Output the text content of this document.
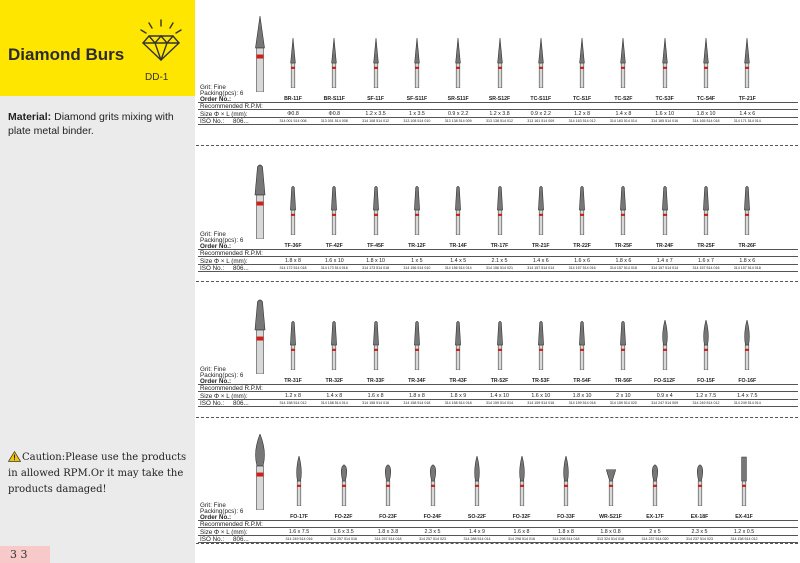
Diamond Burs
DD-1
Material: Diamond grits mixing with plate metal binder.
Caution:Please use the products in allowed RPM.Or it may take the products damaged!
3 3
Grit: Fine
Packing(pcs): 6
Order No.:
Recommended R.P.M:
Size Φ × L (mm):
ISO No.: 806...
BR-11F
Φ0.8
314 001 514 008
BR-S11F
Φ0.8
313 001 514 008
SF-11F
1.2 x 3.5
314 108 514 012
SF-S11F
1 x 3.5
313 108 514 010
SR-S11F
0.9 x 2.2
313 138 514 009
SR-S12F
1.2 x 3.8
313 138 514 012
TC-S11F
0.9 x 2.2
313 161 514 009
TC-S1F
1.2 x 8
314 163 514 012
TC-S2F
1.4 x 8
314 163 514 014
TC-S3F
1.6 x 10
314 165 514 016
TC-S4F
1.8 x 10
314 165 514 018
TF-21F
1.4 x 6
314 171 514 014
Grit: Fine
Packing(pcs): 6
Order No.:
Recommended R.P.M:
Size Φ × L (mm):
ISO No.: 806...
TF-36F
1.8 x 8
314 172 514 018
TF-42F
1.6 x 10
314 173 514 016
TF-45F
1.8 x 10
314 173 514 018
TR-12F
1 x 5
314 156 514 010
TR-14F
1.4 x 5
314 156 514 014
TR-17F
2.1 x 5
314 156 514 021
TR-21F
1.4 x 6
314 157 514 014
TR-22F
1.6 x 6
314 157 514 016
TR-25F
1.8 x 6
314 157 514 018
TR-24F
1.4 x 7
314 157 514 014
TR-25F
1.6 x 7
314 157 514 016
TR-26F
1.8 x 6
314 157 514 018
Grit: Fine
Packing(pcs): 6
Order No.:
Recommended R.P.M:
Size Φ × L (mm):
ISO No.: 806...
TR-31F
1.2 x 8
314 158 514 012
TR-32F
1.4 x 8
314 158 514 014
TR-33F
1.6 x 8
314 158 514 016
TR-34F
1.8 x 8
314 158 514 018
TR-43F
1.8 x 9
314 158 514 018
TR-52F
1.4 x 10
314 159 514 014
TR-53F
1.6 x 10
314 159 514 016
TR-54F
1.8 x 10
314 159 514 018
TR-56F
2 x 10
314 159 514 020
FO-S12F
0.9 x 4
314 247 514 009
FO-15F
1.2 x 7.5
314 249 514 012
FO-16F
1.4 x 7.5
314 249 514 014
Grit: Fine
Packing(pcs): 6
Order No.:
Recommended R.P.M:
Size Φ × L (mm):
ISO No.: 806...
FO-17F
1.6 x 7.5
314 249 514 016
FO-22F
1.6 x 3.5
314 257 514 016
FO-23F
1.8 x 3.8
314 257 514 018
FO-24F
2.3 x 5
314 257 514 023
SO-22F
1.4 x 9
314 288 514 014
FO-32F
1.6 x 8
314 298 514 016
FO-33F
1.8 x 8
314 298 514 018
WR-S21F
1.8 x 0.8
313 324 514 018
EX-17F
2 x 5
314 237 514 020
EX-18F
2.3 x 5
314 237 514 023
EX-41F
1.2 x 0.5
314 158 514 012
